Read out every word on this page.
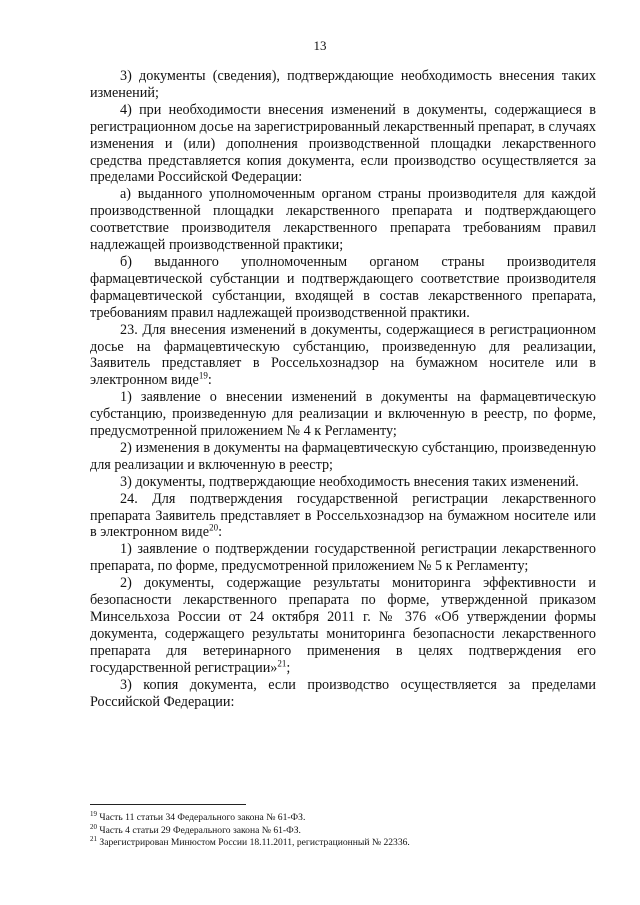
13

3) документы (сведения), подтверждающие необходимость внесения таких изменений;

4) при необходимости внесения изменений в документы, содержащиеся в регистрационном досье на зарегистрированный лекарственный препарат, в случаях изменения и (или) дополнения производственной площадки лекарственного средства представляется копия документа, если производство осуществляется за пределами Российской Федерации:

а) выданного уполномоченным органом страны производителя для каждой производственной площадки лекарственного препарата и подтверждающего соответствие производителя лекарственного препарата требованиям правил надлежащей производственной практики;

б) выданного уполномоченным органом страны производителя фармацевтической субстанции и подтверждающего соответствие производителя фармацевтической субстанции, входящей в состав лекарственного препарата, требованиям правил надлежащей производственной практики.

23. Для внесения изменений в документы, содержащиеся в регистрационном досье на фармацевтическую субстанцию, произведенную для реализации, Заявитель представляет в Россельхознадзор на бумажном носителе или в электронном виде$^{19}$:

1) заявление о внесении изменений в документы на фармацевтическую субстанцию, произведенную для реализации и включенную в реестр, по форме, предусмотренной приложением № 4 к Регламенту;

2) изменения в документы на фармацевтическую субстанцию, произведенную для реализации и включенную в реестр;

3) документы, подтверждающие необходимость внесения таких изменений.

24. Для подтверждения государственной регистрации лекарственного препарата Заявитель представляет в Россельхознадзор на бумажном носителе или в электронном виде$^{20}$:

1) заявление о подтверждении государственной регистрации лекарственного препарата, по форме, предусмотренной приложением № 5 к Регламенту;

2) документы, содержащие результаты мониторинга эффективности и безопасности лекарственного препарата по форме, утвержденной приказом Минсельхоза России от 24 октября 2011 г. № 376 «Об утверждении формы документа, содержащего результаты мониторинга безопасности лекарственного препарата для ветеринарного применения в целях подтверждения его государственной регистрации»$^{21}$;

3) копия документа, если производство осуществляется за пределами Российской Федерации:

$^{19}$ Часть 11 статьи 34 Федерального закона № 61-ФЗ.
$^{20}$ Часть 4 статьи 29 Федерального закона № 61-ФЗ.
$^{21}$ Зарегистрирован Минюстом России 18.11.2011, регистрационный № 22336.
